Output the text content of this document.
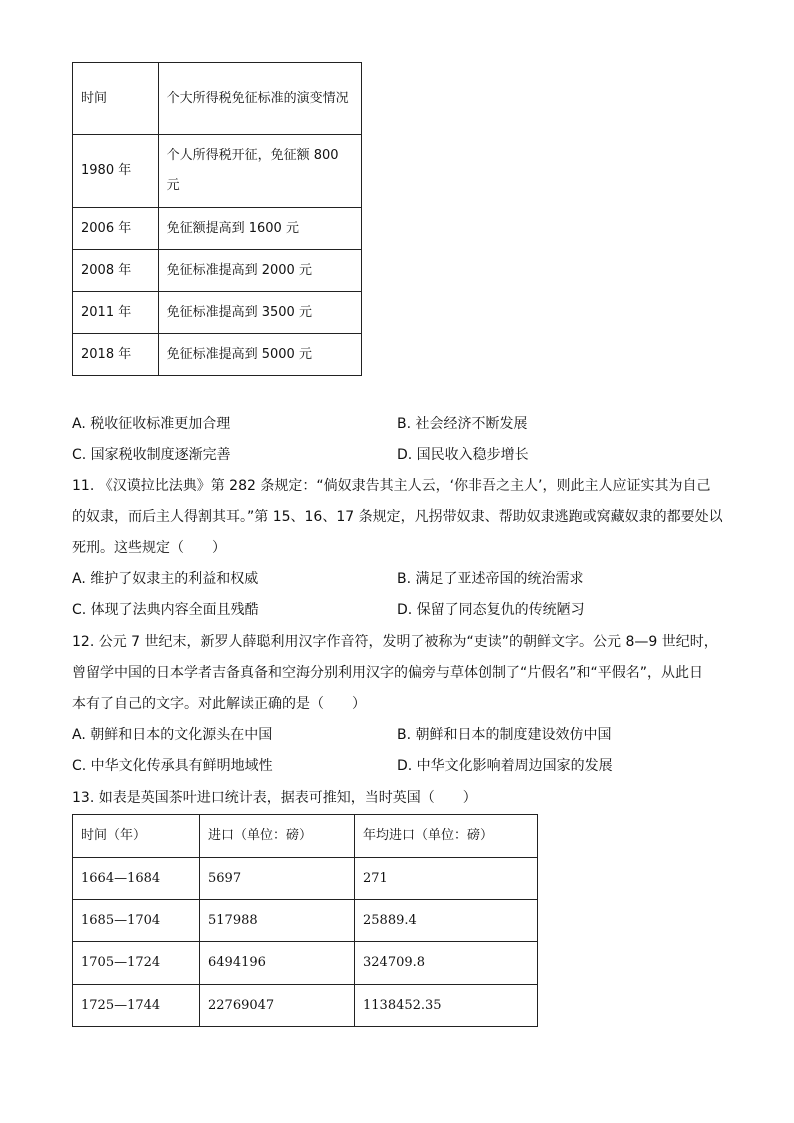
时间	个大所得税免征标准的演变情况
1980 年	个人所得税开征，免征额 800 元
2006 年	免征额提高到 1600 元
2008 年	免征标准提高到 2000 元
2011 年	免征标准提高到 3500 元
2018 年	免征标准提高到 5000 元
A. 税收征收标准更加合理	B. 社会经济不断发展
C. 国家税收制度逐渐完善	D. 国民收入稳步增长
11. 《汉谟拉比法典》第 282 条规定：“倘奴隶告其主人云，‘你非吾之主人’，则此主人应证实其为自己
的奴隶，而后主人得割其耳。”第 15、16、17 条规定，凡拐带奴隶、帮助奴隶逃跑或窝藏奴隶的都要处以
死刑。这些规定（　　）
A. 维护了奴隶主的利益和权威	B. 满足了亚述帝国的统治需求
C. 体现了法典内容全面且残酷	D. 保留了同态复仇的传统陋习
12. 公元 7 世纪末，新罗人薛聪利用汉字作音符，发明了被称为“吏读”的朝鲜文字。公元 8—9 世纪时，
曾留学中国的日本学者吉备真备和空海分别利用汉字的偏旁与草体创制了“片假名”和“平假名”，从此日
本有了自己的文字。对此解读正确的是（　　）
A. 朝鲜和日本的文化源头在中国	B. 朝鲜和日本的制度建设效仿中国
C. 中华文化传承具有鲜明地域性	D. 中华文化影响着周边国家的发展
13. 如表是英国茶叶进口统计表，据表可推知，当时英国（　　）
时间（年）	进口（单位：磅）	年均进口（单位：磅）
1664—1684	5697	271
1685—1704	517988	25889.4
1705—1724	6494196	324709.8
1725—1744	22769047	1138452.35
